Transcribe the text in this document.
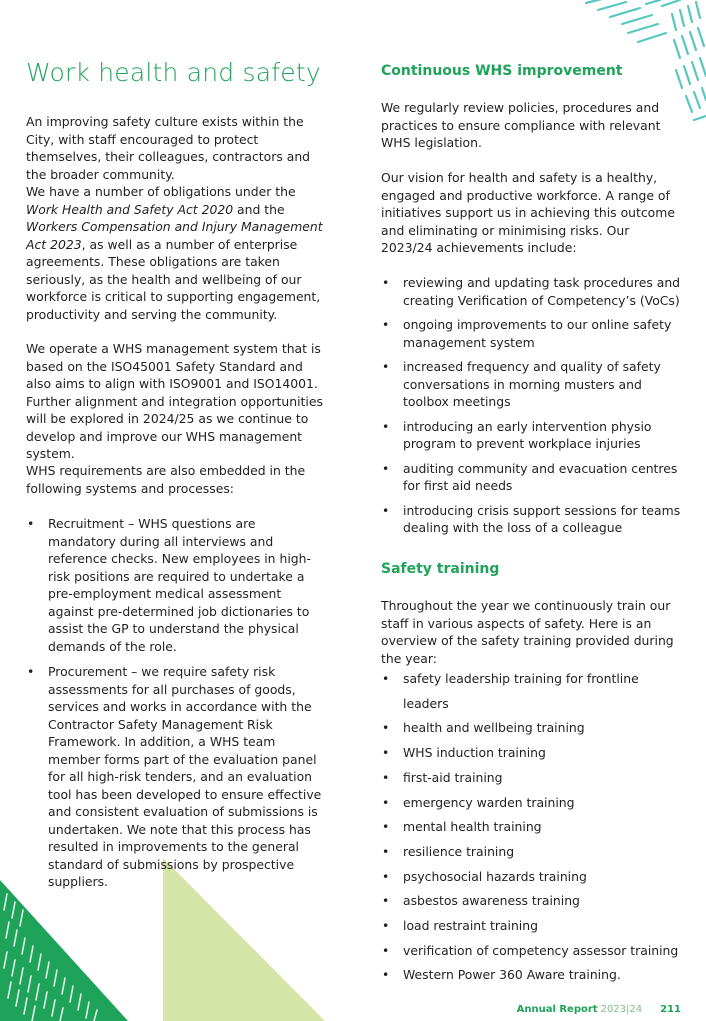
Work health and safety

An improving safety culture exists within the City, with staff encouraged to protect themselves, their colleagues, contractors and the broader community.

We have a number of obligations under the Work Health and Safety Act 2020 and the Workers Compensation and Injury Management Act 2023, as well as a number of enterprise agreements. These obligations are taken seriously, as the health and wellbeing of our workforce is critical to supporting engagement, productivity and serving the community.

We operate a WHS management system that is based on the ISO45001 Safety Standard and also aims to align with ISO9001 and ISO14001. Further alignment and integration opportunities will be explored in 2024/25 as we continue to develop and improve our WHS management system.

WHS requirements are also embedded in the following systems and processes:

• Recruitment – WHS questions are mandatory during all interviews and reference checks. New employees in high-risk positions are required to undertake a pre-employment medical assessment against pre-determined job dictionaries to assist the GP to understand the physical demands of the role.
• Procurement – we require safety risk assessments for all purchases of goods, services and works in accordance with the Contractor Safety Management Risk Framework. In addition, a WHS team member forms part of the evaluation panel for all high-risk tenders, and an evaluation tool has been developed to ensure effective and consistent evaluation of submissions is undertaken. We note that this process has resulted in improvements to the general standard of submissions by prospective suppliers.
Continuous WHS improvement

We regularly review policies, procedures and practices to ensure compliance with relevant WHS legislation.

Our vision for health and safety is a healthy, engaged and productive workforce. A range of initiatives support us in achieving this outcome and eliminating or minimising risks. Our 2023/24 achievements include:

• reviewing and updating task procedures and creating Verification of Competency’s (VoCs)
• ongoing improvements to our online safety management system
• increased frequency and quality of safety conversations in morning musters and toolbox meetings
• introducing an early intervention physio program to prevent workplace injuries
• auditing community and evacuation centres for first aid needs
• introducing crisis support sessions for teams dealing with the loss of a colleague
Safety training

Throughout the year we continuously train our staff in various aspects of safety. Here is an overview of the safety training provided during the year:

• safety leadership training for frontline leaders
• health and wellbeing training
• WHS induction training
• first-aid training
• emergency warden training
• mental health training
• resilience training
• psychosocial hazards training
• asbestos awareness training
• load restraint training
• verification of competency assessor training
• Western Power 360 Aware training.
Annual Report 2023|24 211
